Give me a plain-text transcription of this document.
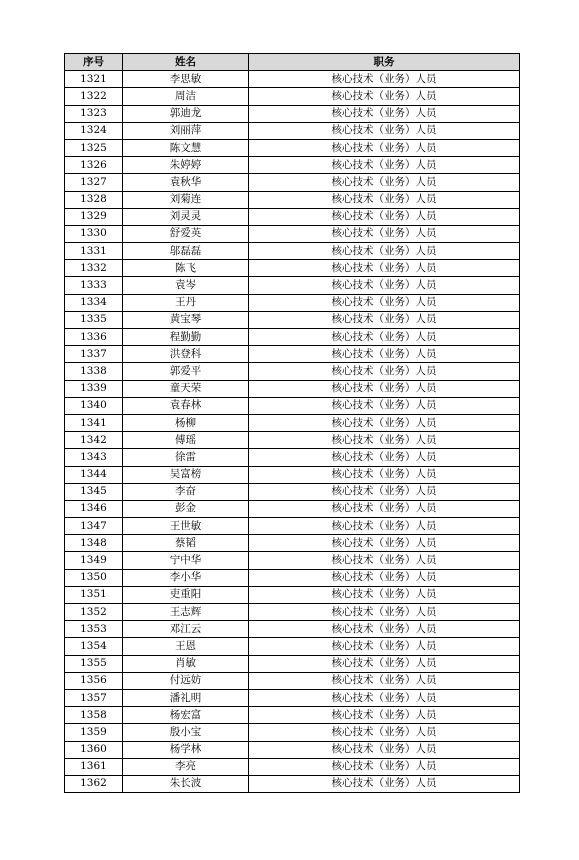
序号	姓名	职务
1321	李思敏	核心技术（业务）人员
1322	周洁	核心技术（业务）人员
1323	郭迪龙	核心技术（业务）人员
1324	刘丽萍	核心技术（业务）人员
1325	陈文慧	核心技术（业务）人员
1326	朱婷婷	核心技术（业务）人员
1327	袁秋华	核心技术（业务）人员
1328	刘菊连	核心技术（业务）人员
1329	刘灵灵	核心技术（业务）人员
1330	舒爱英	核心技术（业务）人员
1331	邬磊磊	核心技术（业务）人员
1332	陈飞	核心技术（业务）人员
1333	袁岑	核心技术（业务）人员
1334	王丹	核心技术（业务）人员
1335	黄宝琴	核心技术（业务）人员
1336	程勤勤	核心技术（业务）人员
1337	洪登科	核心技术（业务）人员
1338	郭爱平	核心技术（业务）人员
1339	童天荣	核心技术（业务）人员
1340	袁春林	核心技术（业务）人员
1341	杨柳	核心技术（业务）人员
1342	傅瑶	核心技术（业务）人员
1343	徐雷	核心技术（业务）人员
1344	吴富榜	核心技术（业务）人员
1345	李奋	核心技术（业务）人员
1346	彭金	核心技术（业务）人员
1347	王世敏	核心技术（业务）人员
1348	蔡韬	核心技术（业务）人员
1349	宁中华	核心技术（业务）人员
1350	李小华	核心技术（业务）人员
1351	吏重阳	核心技术（业务）人员
1352	王志辉	核心技术（业务）人员
1353	邓江云	核心技术（业务）人员
1354	王恩	核心技术（业务）人员
1355	肖敏	核心技术（业务）人员
1356	付远妨	核心技术（业务）人员
1357	潘礼明	核心技术（业务）人员
1358	杨宏富	核心技术（业务）人员
1359	殷小宝	核心技术（业务）人员
1360	杨学林	核心技术（业务）人员
1361	李亮	核心技术（业务）人员
1362	朱长波	核心技术（业务）人员
